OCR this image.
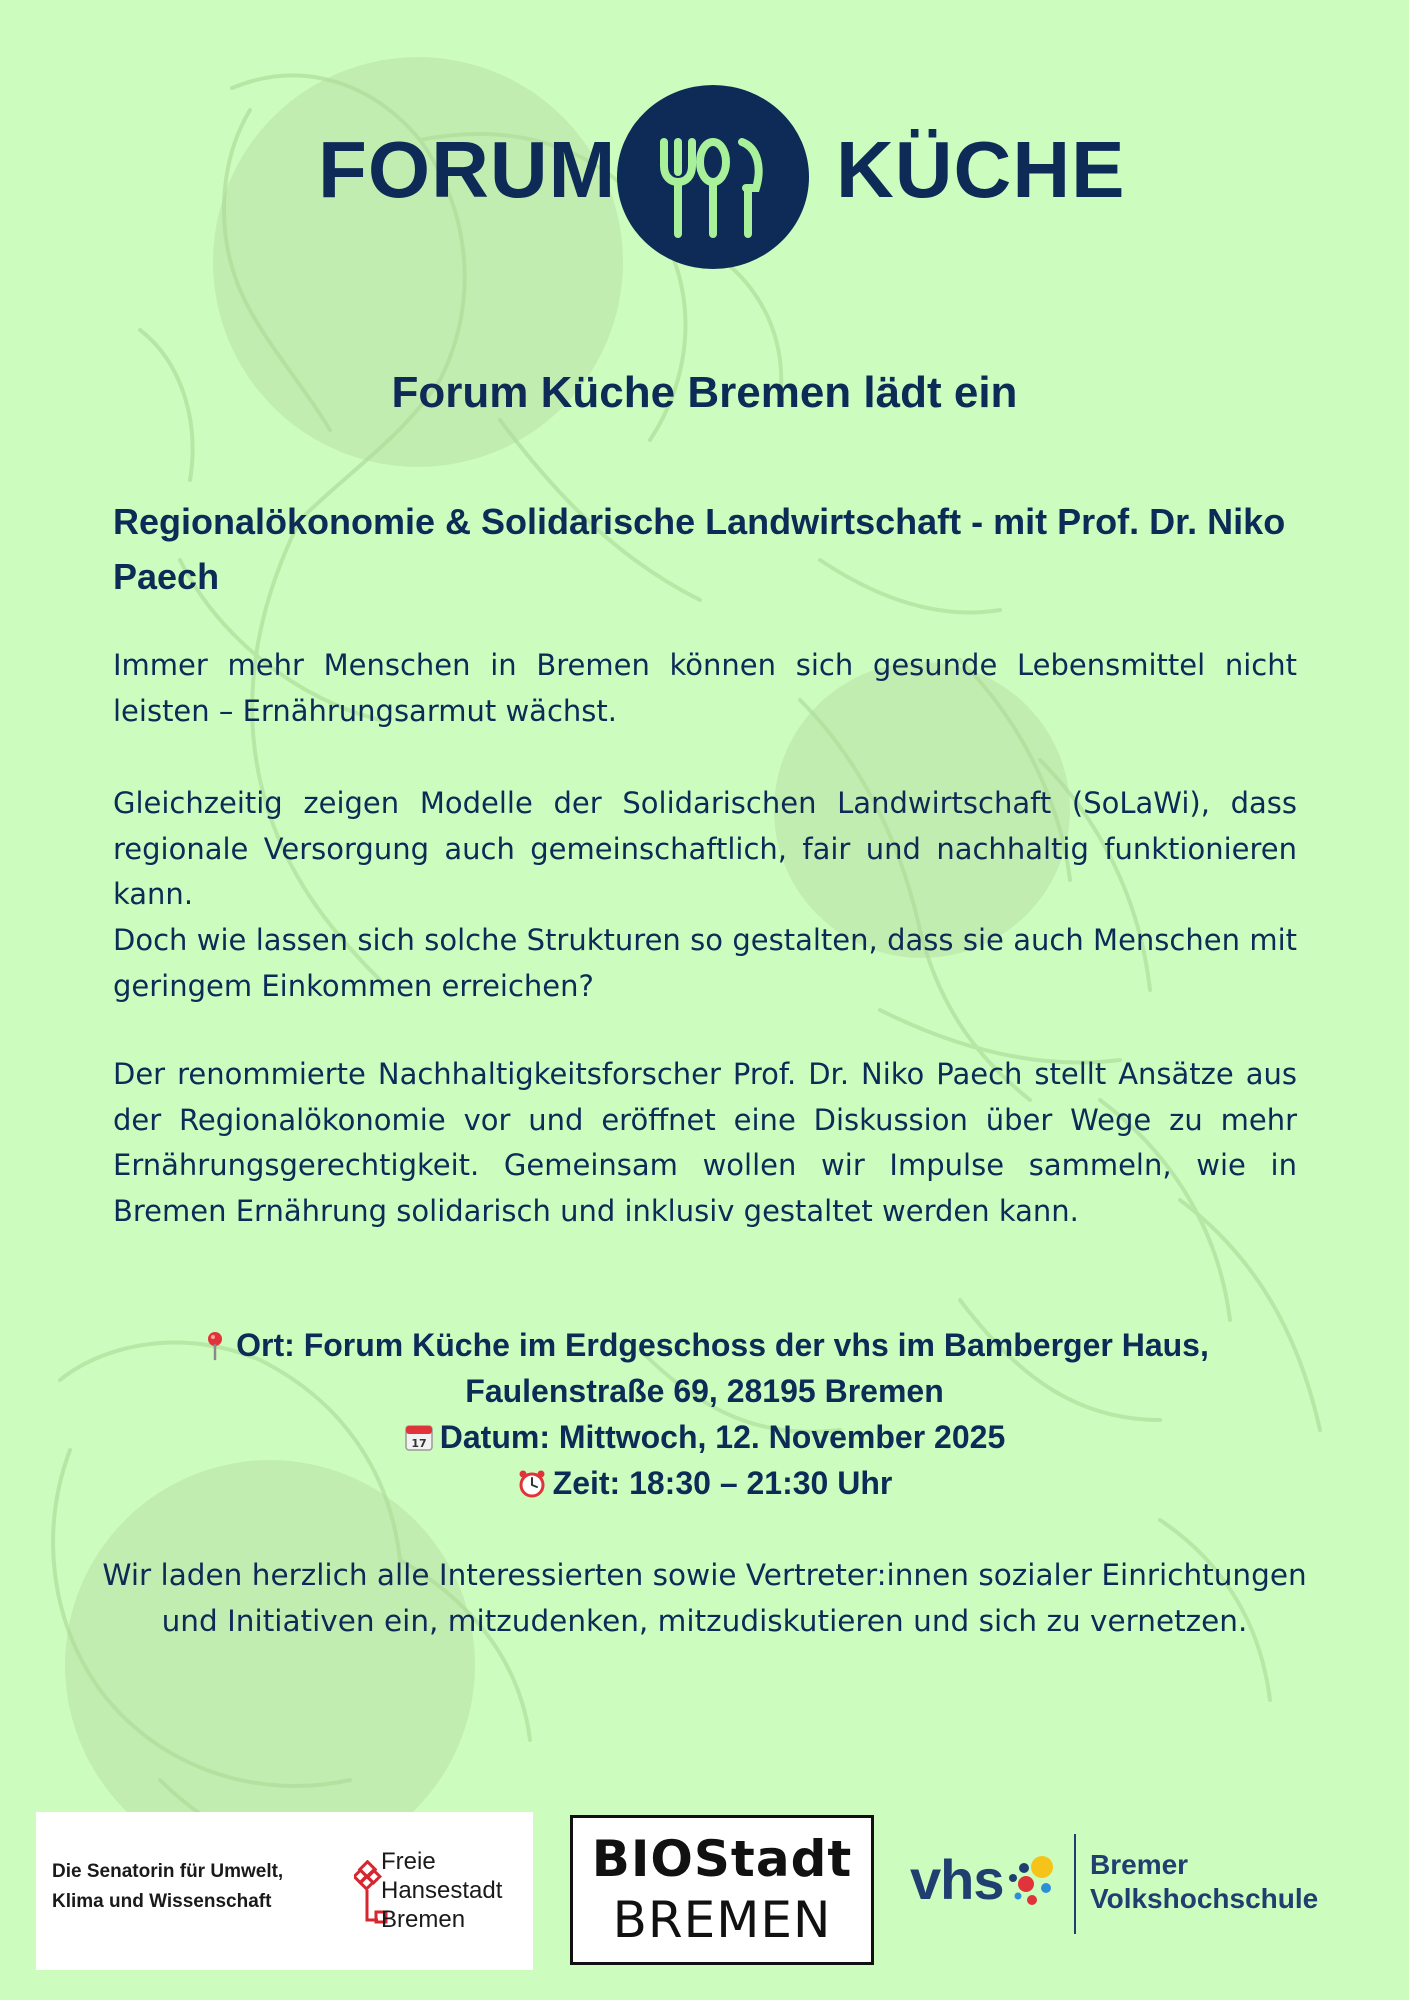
FORUM	KÜCHE
Forum Küche Bremen lädt ein
Regionalökonomie & Solidarische Landwirtschaft - mit Prof. Dr. Niko Paech

Immer mehr Menschen in Bremen können sich gesunde Lebensmittel nicht leisten – Ernährungsarmut wächst.

Gleichzeitig zeigen Modelle der Solidarischen Landwirtschaft (SoLaWi), dass regionale Versorgung auch gemeinschaftlich, fair und nachhaltig funktionieren kann.

Doch wie lassen sich solche Strukturen so gestalten, dass sie auch Menschen mit geringem Einkommen erreichen?

Der renommierte Nachhaltigkeitsforscher Prof. Dr. Niko Paech stellt Ansätze aus der Regionalökonomie vor und eröffnet eine Diskussion über Wege zu mehr Ernährungsgerechtigkeit. Gemeinsam wollen wir Impulse sammeln, wie in Bremen Ernährung solidarisch und inklusiv gestaltet werden kann.

Ort: Forum Küche im Erdgeschoss der vhs im Bamberger Haus,
Faulenstraße 69, 28195 Bremen
17 Datum: Mittwoch, 12. November 2025
Zeit: 18:30 – 21:30 Uhr

Wir laden herzlich alle Interessierten sowie Vertreter:innen sozialer Einrichtungen und Initiativen ein, mitzudenken, mitzudiskutieren und sich zu vernetzen.

Die Senatorin für Umwelt,
Klima und Wissenschaft
Freie
Hansestadt
Bremen
BIOStadt
BREMEN
vhs	Bremer
Volkshochschule
